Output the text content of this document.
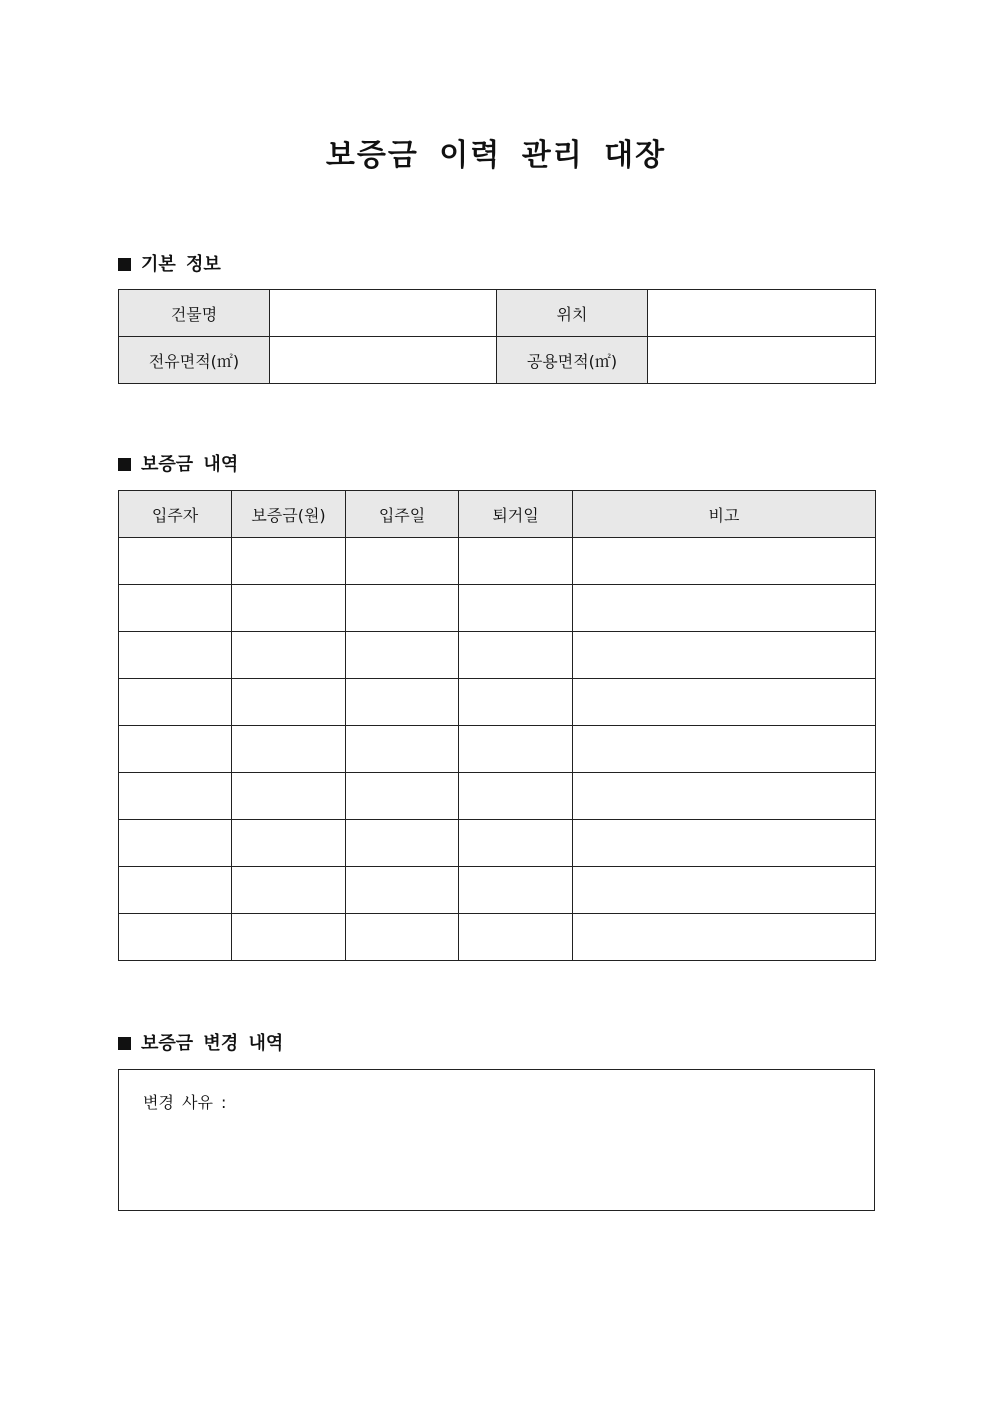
보증금 이력 관리 대장
기본 정보
건물명		위치	
전유면적(㎡)		공용면적(㎡)	
보증금 내역
입주자	보증금(원)	입주일	퇴거일	비고

보증금 변경 내역
변경 사유 :
